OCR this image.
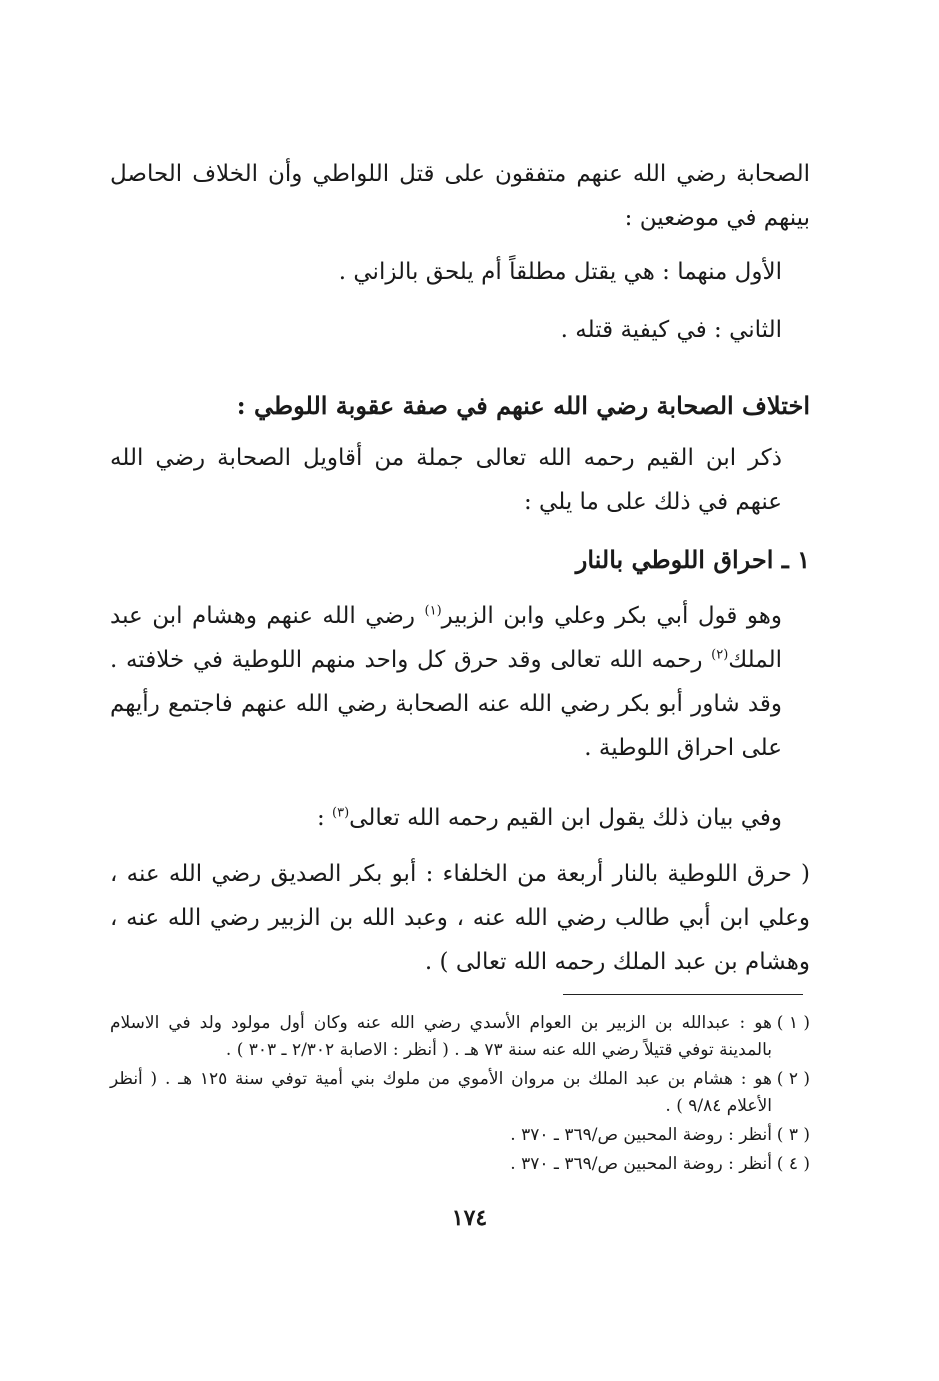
الصحابة رضي الله عنهم متفقون على قتل اللواطي وأن الخلاف الحاصل بينهم في موضعين :

الأول منهما : هي يقتل مطلقاً أم يلحق بالزاني .

الثاني : في كيفية قتله .

اختلاف الصحابة رضي الله عنهم في صفة عقوبة اللوطي :

ذكر ابن القيم رحمه الله تعالى جملة من أقاويل الصحابة رضي الله عنهم في ذلك على ما يلي :

١ ـ احراق اللوطي بالنار

وهو قول أبي بكر وعلي وابن الزبير$^{(١)}$ رضي الله عنهم وهشام ابن عبد الملك$^{(٢)}$ رحمه الله تعالى وقد حرق كل واحد منهم اللوطية في خلافته . وقد شاور أبو بكر رضي الله عنه الصحابة رضي الله عنهم فاجتمع رأيهم على احراق اللوطية .

وفي بيان ذلك يقول ابن القيم رحمه الله تعالى$^{(٣)}$ :

( حرق اللوطية بالنار أربعة من الخلفاء : أبو بكر الصديق رضي الله عنه ، وعلي ابن أبي طالب رضي الله عنه ، وعبد الله بن الزبير رضي الله عنه ، وهشام بن عبد الملك رحمه الله تعالى ) .

( ١ )
هو : عبدالله بن الزبير بن العوام الأسدي رضي الله عنه وكان أول مولود ولد في الاسلام بالمدينة توفي قتيلاً رضي الله عنه سنة ٧٣ هـ . ( أنظر : الاصابة ٢/٣٠٢ ـ ٣٠٣ ) .
( ٢ )
هو : هشام بن عبد الملك بن مروان الأموي من ملوك بني أمية توفي سنة ١٢٥ هـ . ( أنظر الأعلام ٩/٨٤ ) .
( ٣ )
أنظر : روضة المحبين ص/٣٦٩ ـ ٣٧٠ .
( ٤ )
أنظر : روضة المحبين ص/٣٦٩ ـ ٣٧٠ .
١٧٤
